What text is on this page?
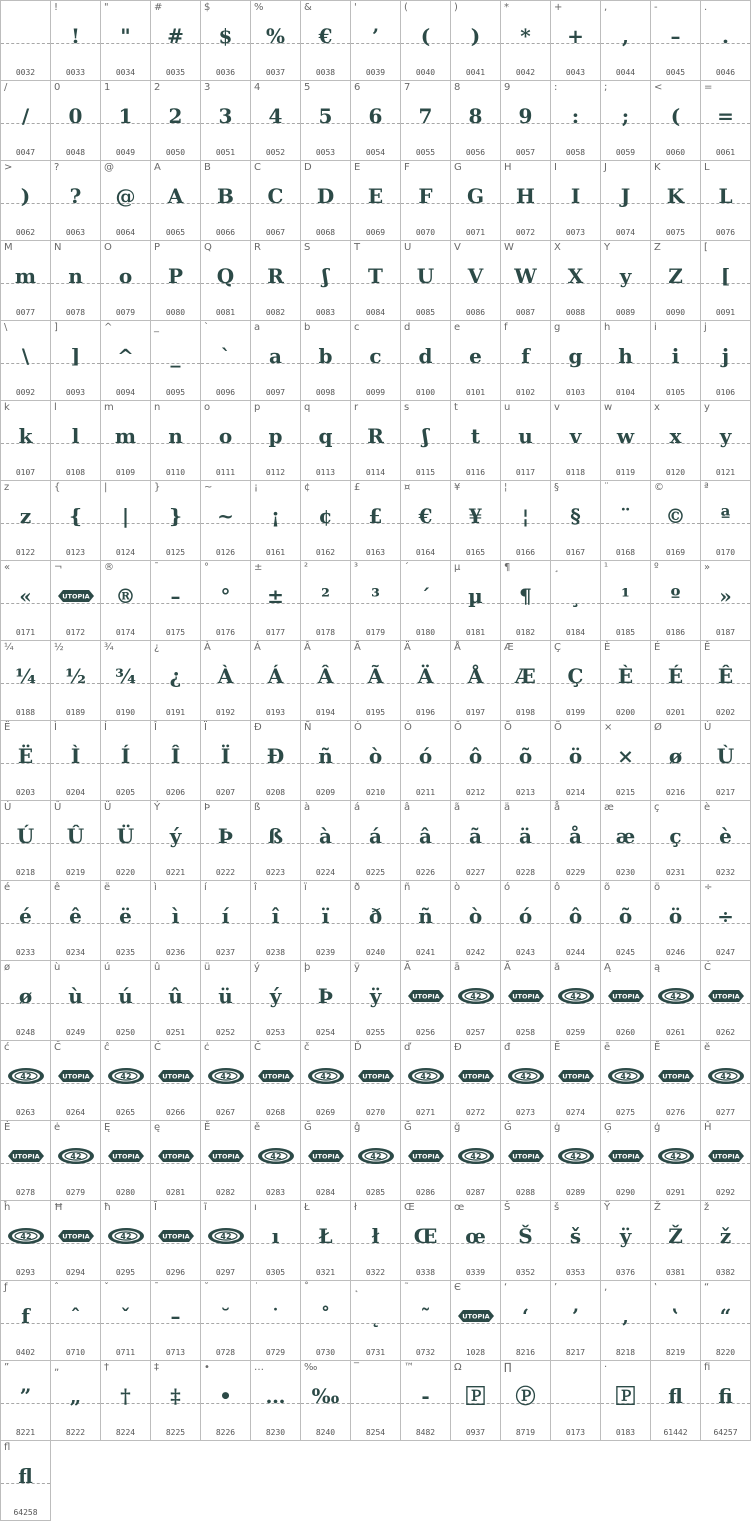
0032
!
!
0033
"
"
0034
#
#
0035
$
$
0036
%
%
0037
&
€
0038
'
’
0039
(
(
0040
)
)
0041
*
*
0042
+
+
0043
,
,
0044
-
–
0045
.
.
0046
/
/
0047
0
0
0048
1
1
0049
2
2
0050
3
3
0051
4
4
0052
5
5
0053
6
6
0054
7
7
0055
8
8
0056
9
9
0057
:
:
0058
;
;
0059
<
(
0060
=
=
0061
>
)
0062
?
?
0063
@
@
0064
A
A
0065
B
B
0066
C
C
0067
D
D
0068
E
E
0069
F
F
0070
G
G
0071
H
H
0072
I
I
0073
J
J
0074
K
K
0075
L
L
0076
M
m
0077
N
n
0078
O
o
0079
P
P
0080
Q
Q
0081
R
R
0082
S
ʃ
0083
T
T
0084
U
U
0085
V
V
0086
W
W
0087
X
X
0088
Y
y
0089
Z
Z
0090
[
[
0091
\
\
0092
]
]
0093
^
^
0094
_
_
0095
`
`
0096
a
a
0097
b
b
0098
c
c
0099
d
d
0100
e
e
0101
f
f
0102
g
g
0103
h
h
0104
i
i
0105
j
j
0106
k
k
0107
l
l
0108
m
m
0109
n
n
0110
o
o
0111
p
p
0112
q
q
0113
r
R
0114
s
ʃ
0115
t
t
0116
u
u
0117
v
v
0118
w
w
0119
x
x
0120
y
y
0121
z
z
0122
{
{
0123
|
|
0124
}
}
0125
~
~
0126
¡
¡
0161
¢
¢
0162
£
£
0163
¤
€
0164
¥
¥
0165
¦
¦
0166
§
§
0167
¨
¨
0168
©
©
0169
ª
ª
0170
«
«
0171
¬
UTOPIA
0172
®
®
0174
¯
–
0175
°
°
0176
±
±
0177
²
²
0178
³
³
0179
´
´
0180
µ
µ
0181
¶
¶
0182
¸
¸
0184
¹
¹
0185
º
º
0186
»
»
0187
¼
¼
0188
½
½
0189
¾
¾
0190
¿
¿
0191
À
À
0192
Á
Á
0193
Â
Â
0194
Ã
Ã
0195
Ä
Ä
0196
Å
Å
0197
Æ
Æ
0198
Ç
Ç
0199
È
È
0200
É
É
0201
Ê
Ê
0202
Ë
Ë
0203
Ì
Ì
0204
Í
Í
0205
Î
Î
0206
Ï
Ï
0207
Ð
Ð
0208
Ñ
ñ
0209
Ò
ò
0210
Ó
ó
0211
Ô
ô
0212
Õ
õ
0213
Ö
ö
0214
×
×
0215
Ø
ø
0216
Ù
Ù
0217
Ú
Ú
0218
Û
Û
0219
Ü
Ü
0220
Ý
ý
0221
Þ
Þ
0222
ß
ß
0223
à
à
0224
á
á
0225
â
â
0226
ã
ã
0227
ä
ä
0228
å
å
0229
æ
æ
0230
ç
ç
0231
è
è
0232
é
é
0233
ê
ê
0234
ë
ë
0235
ì
ì
0236
í
í
0237
î
î
0238
ï
ï
0239
ð
ð
0240
ñ
ñ
0241
ò
ò
0242
ó
ó
0243
ô
ô
0244
õ
õ
0245
ö
ö
0246
÷
÷
0247
ø
ø
0248
ù
ù
0249
ú
ú
0250
û
û
0251
ü
ü
0252
ý
ý
0253
þ
Þ
0254
ÿ
ÿ
0255
Ā
UTOPIA
0256
ā
42
0257
Ă
UTOPIA
0258
ă
42
0259
Ą
UTOPIA
0260
ą
42
0261
Ć
UTOPIA
0262
ć
42
0263
Ĉ
UTOPIA
0264
ĉ
42
0265
Ċ
UTOPIA
0266
ċ
42
0267
Č
UTOPIA
0268
č
42
0269
Ď
UTOPIA
0270
ď
42
0271
Đ
UTOPIA
0272
đ
42
0273
Ē
UTOPIA
0274
ē
42
0275
Ĕ
UTOPIA
0276
ĕ
42
0277
Ė
UTOPIA
0278
ė
42
0279
Ę
UTOPIA
0280
ę
UTOPIA
0281
Ě
UTOPIA
0282
ě
42
0283
Ĝ
UTOPIA
0284
ĝ
42
0285
Ğ
UTOPIA
0286
ğ
42
0287
Ġ
UTOPIA
0288
ġ
42
0289
Ģ
UTOPIA
0290
ģ
42
0291
Ĥ
UTOPIA
0292
ĥ
42
0293
Ħ
UTOPIA
0294
ħ
42
0295
Ĩ
UTOPIA
0296
ĩ
42
0297
ı
ı
0305
Ł
Ł
0321
ł
ł
0322
Œ
Œ
0338
œ
œ
0339
Š
Š
0352
š
š
0353
Ÿ
ÿ
0376
Ž
Ž
0381
ž
ž
0382
ƒ
f
0402
ˆ
ˆ
0710
ˇ
ˇ
0711
ˉ
–
0713
˘
˘
0728
˙
˙
0729
˚
˚
0730
˛
˛
0731
˜
˜
0732
Є
UTOPIA
1028
‘
‘
8216
’
’
8217
‚
‚
8218
‛
‛
8219
“
“
8220
”
”
8221
„
„
8222
†
†
8224
‡
‡
8225
•
•
8226
…
…
8230
‰
‰
8240
‾
8254
™
-
8482
Ω
🄿
0937
∏
Ⓟ
8719	0173
·
🄿
0183
fl
61442
fi
fi
64257
fl
fl
64258
